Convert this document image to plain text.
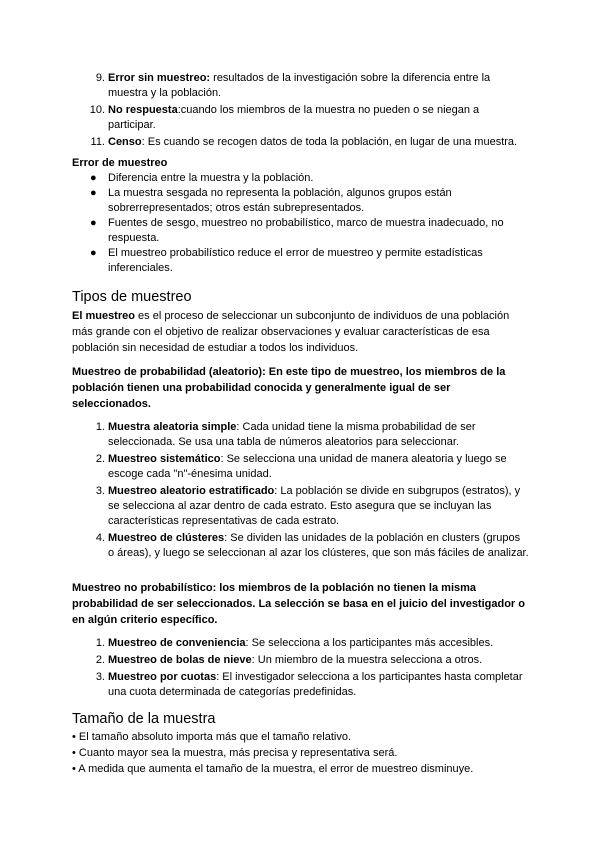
9. Error sin muestreo: resultados de la investigación sobre la diferencia entre la muestra y la población.
10. No respuesta:cuando los miembros de la muestra no pueden o se niegan a participar.
11. Censo: Es cuando se recogen datos de toda la población, en lugar de una muestra.
Error de muestreo
● Diferencia entre la muestra y la población.
● La muestra sesgada no representa la población, algunos grupos están sobrerrepresentados; otros están subrepresentados.
● Fuentes de sesgo, muestreo no probabilístico, marco de muestra inadecuado, no respuesta.
● El muestreo probabilístico reduce el error de muestreo y permite estadísticas inferenciales.
Tipos de muestreo
El muestreo es el proceso de seleccionar un subconjunto de individuos de una población más grande con el objetivo de realizar observaciones y evaluar características de esa población sin necesidad de estudiar a todos los individuos.
Muestreo de probabilidad (aleatorio): En este tipo de muestreo, los miembros de la población tienen una probabilidad conocida y generalmente igual de ser seleccionados.
1. Muestra aleatoria simple: Cada unidad tiene la misma probabilidad de ser seleccionada. Se usa una tabla de números aleatorios para seleccionar.
2. Muestreo sistemático: Se selecciona una unidad de manera aleatoria y luego se escoge cada "n"-énesima unidad.
3. Muestreo aleatorio estratificado: La población se divide en subgrupos (estratos), y se selecciona al azar dentro de cada estrato. Esto asegura que se incluyan las características representativas de cada estrato.
4. Muestreo de clústeres: Se dividen las unidades de la población en clusters (grupos o áreas), y luego se seleccionan al azar los clústeres, que son más fáciles de analizar.
Muestreo no probabilístico: los miembros de la población no tienen la misma probabilidad de ser seleccionados. La selección se basa en el juicio del investigador o en algún criterio específico.
1. Muestreo de conveniencia: Se selecciona a los participantes más accesibles.
2. Muestreo de bolas de nieve: Un miembro de la muestra selecciona a otros.
3. Muestreo por cuotas: El investigador selecciona a los participantes hasta completar una cuota determinada de categorías predefinidas.
Tamaño de la muestra
• El tamaño absoluto importa más que el tamaño relativo.
• Cuanto mayor sea la muestra, más precisa y representativa será.
• A medida que aumenta el tamaño de la muestra, el error de muestreo disminuye.
